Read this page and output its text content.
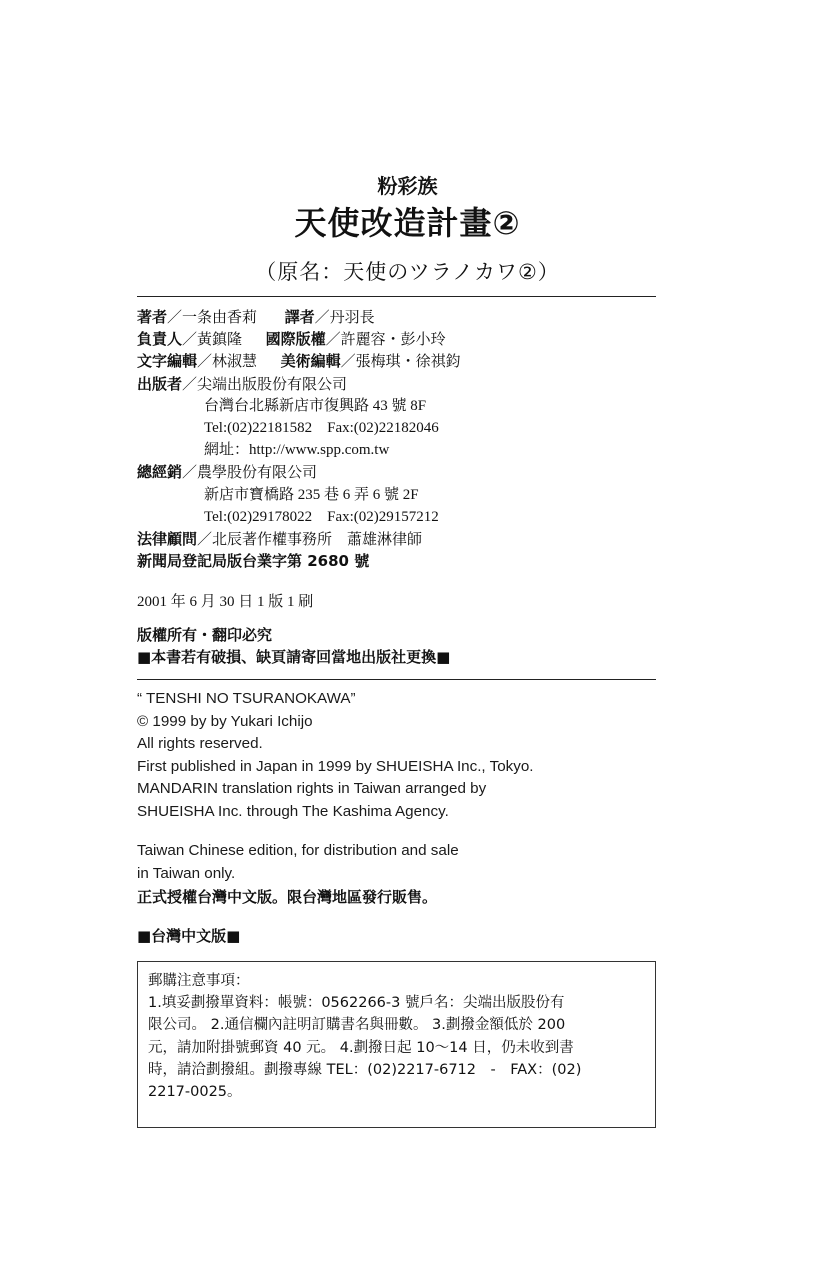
粉彩族
天使改造計畫②
（原名：天使のツラノカワ②）
著者／一条由香莉 譯者／丹羽長
負責人／黃鎮隆 國際版權／許麗容・彭小玲
文字編輯／林淑慧 美術編輯／張梅琪・徐祺鈞
出版者／尖端出版股份有限公司
台灣台北縣新店市復興路 43 號 8F
Tel:(02)22181582　Fax:(02)22182046
網址：http://www.spp.com.tw
總經銷／農學股份有限公司
新店市寶橋路 235 巷 6 弄 6 號 2F
Tel:(02)29178022　Fax:(02)29157212
法律顧問／北辰著作權事務所　蕭雄淋律師
新聞局登記局版台業字第 2680 號
2001 年 6 月 30 日 1 版 1 刷
版權所有・翻印必究
■本書若有破損、缺頁請寄回當地出版社更換■
“ TENSHI NO TSURANOKAWA”
© 1999 by by Yukari Ichijo
All rights reserved.
First published in Japan in 1999 by SHUEISHA Inc., Tokyo.
MANDARIN translation rights in Taiwan arranged by
SHUEISHA Inc. through The Kashima Agency.
Taiwan Chinese edition, for distribution and sale
in Taiwan only.
正式授權台灣中文版。限台灣地區發行販售。
■台灣中文版■
郵購注意事項：
1.填妥劃撥單資料：帳號：0562266-3 號戶名：尖端出版股份有
限公司。 2.通信欄內註明訂購書名與冊數。 3.劃撥金額低於 200
元，請加附掛號郵資 40 元。 4.劃撥日起 10～14 日，仍未收到書
時，請洽劃撥組。劃撥專線 TEL：(02)2217-6712　-　FAX：(02)
2217-0025。
